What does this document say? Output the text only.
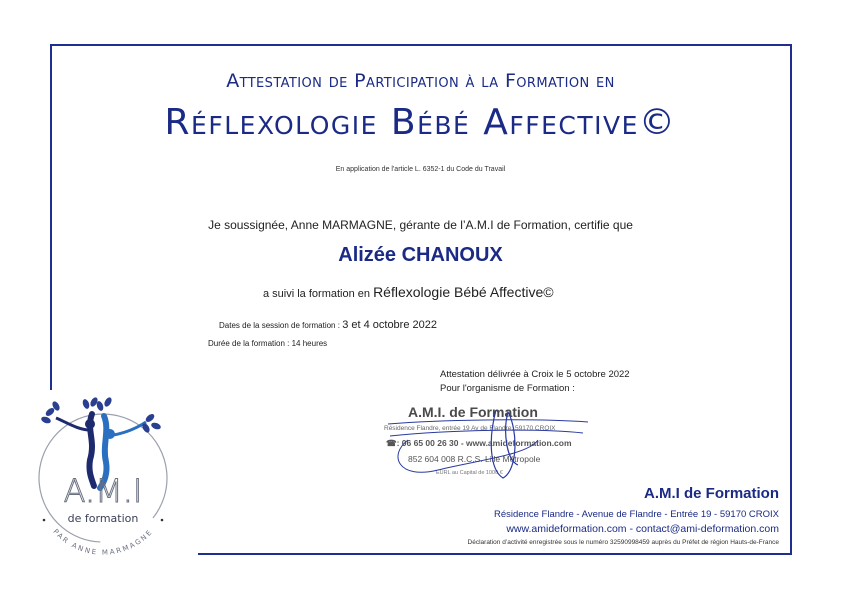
Attestation de Participation à la Formation en
Réflexologie Bébé Affective©
En application de l'article L. 6352-1 du Code du Travail
Je soussignée, Anne MARMAGNE, gérante de l’A.M.I de Formation, certifie que
Alizée CHANOUX
a suivi la formation en Réflexologie Bébé Affective©
Dates de la session de formation : 3 et 4 octobre 2022
Durée de la formation : 14 heures
Attestation délivrée à Croix le 5 octobre 2022
Pour l'organisme de Formation :
A.M.I. de Formation
Résidence Flandre, entrée 19 Av de Flandre, 59170 CROIX
☎: 06 65 00 26 30 - www.amideformation.com
852 604 008 R.C.S. Lille Métropole
EURL au Capital de 1000 €
A.M.I de Formation
Résidence Flandre - Avenue de Flandre - Entrée 19 - 59170 CROIX
www.amideformation.com - contact@ami-deformation.com
Déclaration d’activité enregistrée sous le numéro 32590998459 auprès du Préfet de région Hauts-de-France
A.M.I
de formation
PAR ANNE MARMAGNE
